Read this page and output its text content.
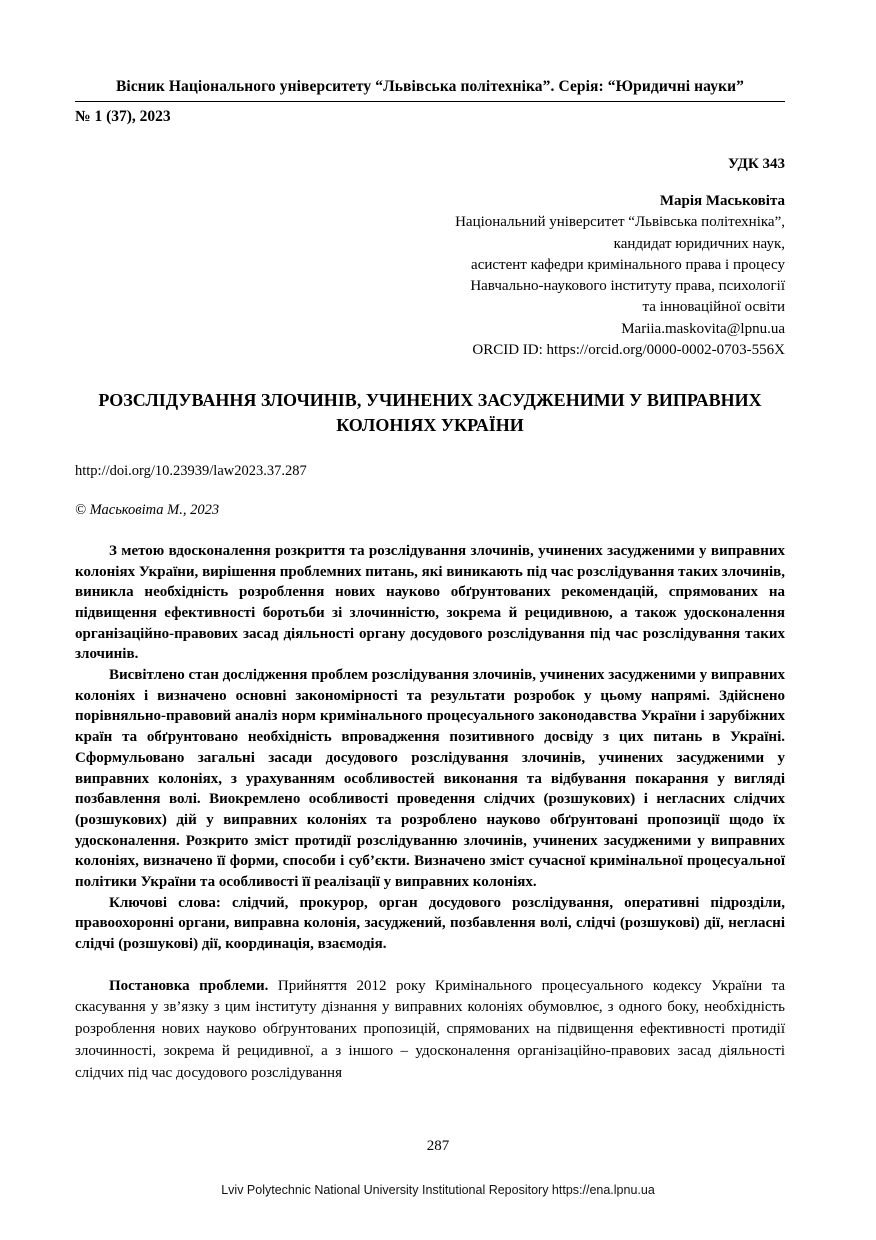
Вісник Національного університету “Львівська політехніка”. Серія: “Юридичні науки”
№ 1 (37), 2023
УДК 343
Марія Маськовіта
Національний університет “Львівська політехніка”,
кандидат юридичних наук,
асистент кафедри кримінального права і процесу
Навчально-наукового інституту права, психології
та інноваційної освіти
Mariia.maskovita@lpnu.ua
ORCID ID: https://orcid.org/0000-0002-0703-556X
РОЗСЛІДУВАННЯ ЗЛОЧИНІВ, УЧИНЕНИХ ЗАСУДЖЕНИМИ У ВИПРАВНИХ КОЛОНІЯХ УКРАЇНИ
http://doi.org/10.23939/law2023.37.287
© Маськовіта М., 2023

З метою вдосконалення розкриття та розслідування злочинів, учинених засудженими у виправних колоніях України, вирішення проблемних питань, які виникають під час розслідування таких злочинів, виникла необхідність розроблення нових науково обґрунтованих рекомендацій, спрямованих на підвищення ефективності боротьби зі злочинністю, зокрема й рецидивною, а також удосконалення організаційно-правових засад діяльності органу досудового розслідування під час розслідування таких злочинів.

Висвітлено стан дослідження проблем розслідування злочинів, учинених засудженими у виправних колоніях і визначено основні закономірності та результати розробок у цьому напрямі. Здійснено порівняльно-правовий аналіз норм кримінального процесуального законодавства України і зарубіжних країн та обґрунтовано необхідність впровадження позитивного досвіду з цих питань в Україні. Сформульовано загальні засади досудового розслідування злочинів, учинених засудженими у виправних колоніях, з урахуванням особливостей виконання та відбування покарання у вигляді позбавлення волі. Виокремлено особливості проведення слідчих (розшукових) і негласних слідчих (розшукових) дій у виправних колоніях та розроблено науково обґрунтовані пропозиції щодо їх удосконалення. Розкрито зміст протидії розслідуванню злочинів, учинених засудженими у виправних колоніях, визначено її форми, способи і суб’єкти. Визначено зміст сучасної кримінальної процесуальної політики України та особливості її реалізації у виправних колоніях.

Ключові слова: слідчий, прокурор, орган досудового розслідування, оперативні підрозділи, правоохоронні органи, виправна колонія, засуджений, позбавлення волі, слідчі (розшукові) дії, негласні слідчі (розшукові) дії, координація, взаємодія.

Постановка проблеми. Прийняття 2012 року Кримінального процесуального кодексу України та скасування у зв’язку з цим інституту дізнання у виправних колоніях обумовлює, з одного боку, необхідність розроблення нових науково обґрунтованих пропозицій, спрямованих на підвищення ефективності протидії злочинності, зокрема й рецидивної, а з іншого – удосконалення організаційно-правових засад діяльності слідчих під час досудового розслідування

287
Lviv Polytechnic National University Institutional Repository https://ena.lpnu.ua
